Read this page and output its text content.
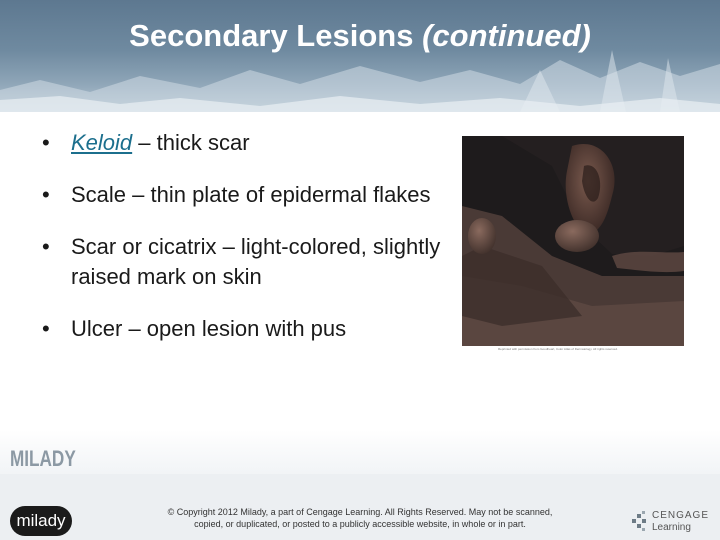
Secondary Lesions (continued)
• Keloid – thick scar
• Scale – thin plate of epidermal flakes
• Scar or cicatrix – light-colored, slightly raised mark on skin
• Ulcer – open lesion with pus
Reprinted with permission from Goodheart, Color Atlas of Dermatology. All rights reserved.
MILADY
milady	© Copyright 2012 Milady, a part of Cengage Learning. All Rights Reserved. May not be scanned,
copied, or duplicated, or posted to a publicly accessible website, in whole or in part.
CENGAGE
Learning
